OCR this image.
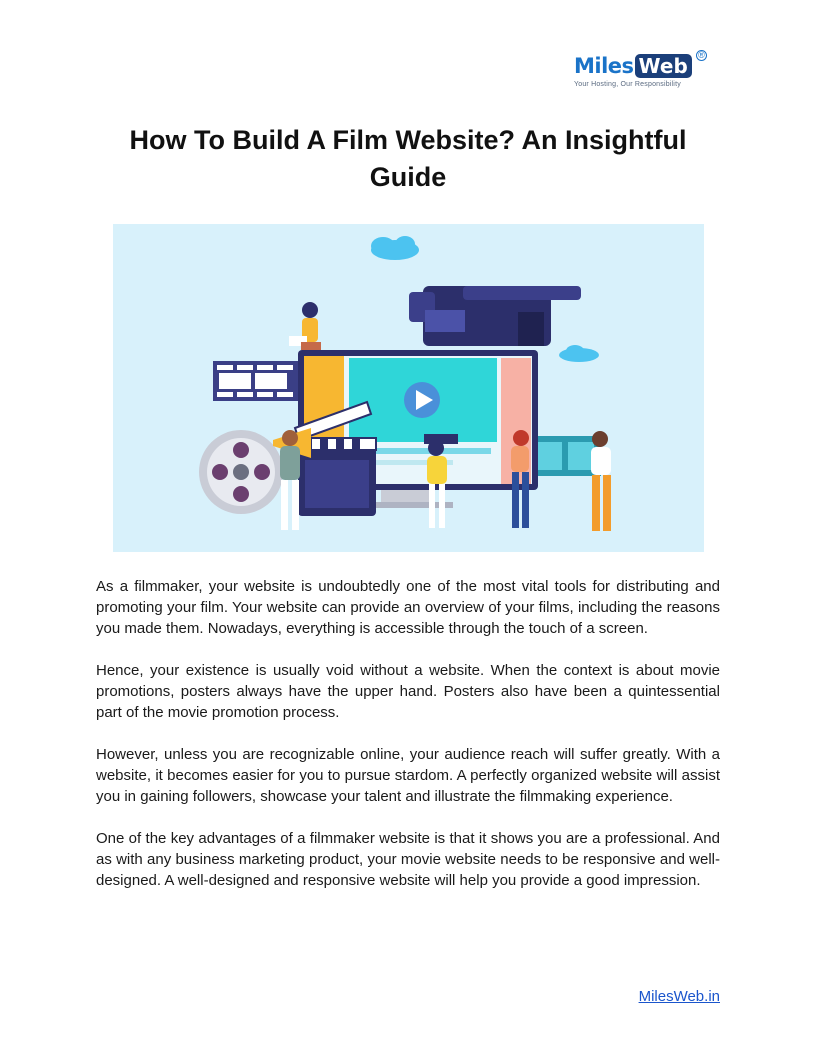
Miles Web	®
Your Hosting, Our Responsibility
How To Build A Film Website? An Insightful Guide

As a filmmaker, your website is undoubtedly one of the most vital tools for distributing and promoting your film. Your website can provide an overview of your films, including the reasons you made them. Nowadays, everything is accessible through the touch of a screen.

Hence, your existence is usually void without a website. When the context is about movie promotions, posters always have the upper hand. Posters also have been a quintessential part of the movie promotion process.

However, unless you are recognizable online, your audience reach will suffer greatly. With a website, it becomes easier for you to pursue stardom. A perfectly organized website will assist you in gaining followers, showcase your talent and illustrate the filmmaking experience.

One of the key advantages of a filmmaker website is that it shows you are a professional. And as with any business marketing product, your movie website needs to be responsive and well-designed. A well-designed and responsive website will help you provide a good impression.

MilesWeb.in
